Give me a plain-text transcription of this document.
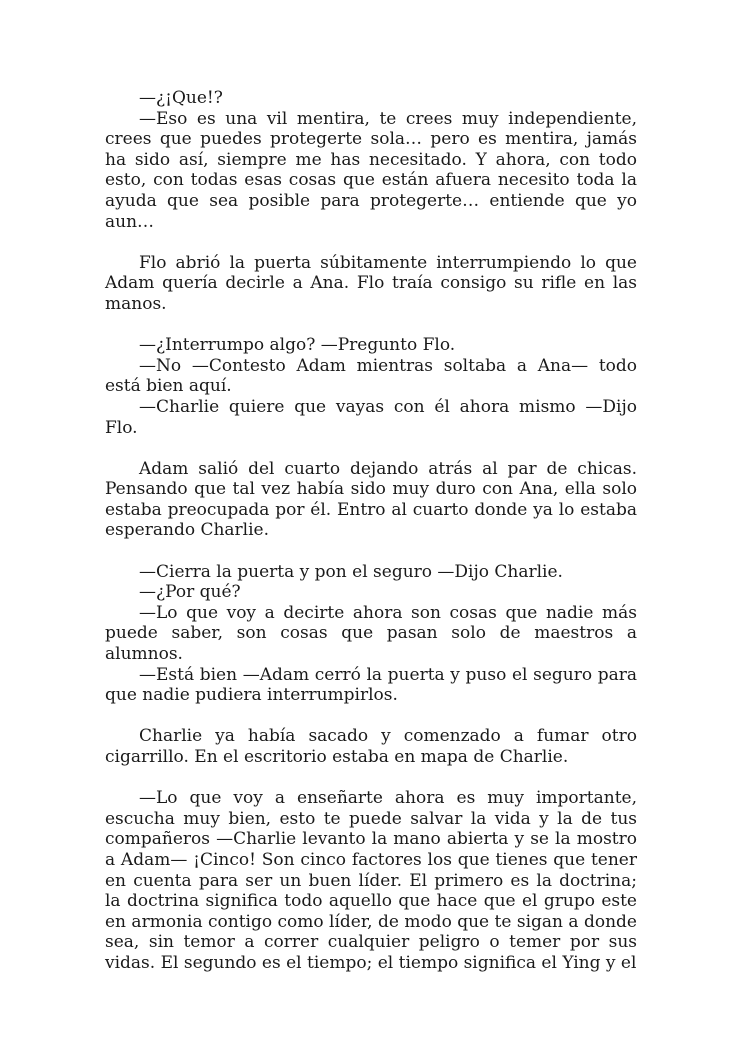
—¿¡Que!?

—Eso es una vil mentira, te crees muy independiente, crees que puedes protegerte sola… pero es mentira, jamás ha sido así, siempre me has necesitado. Y ahora, con todo esto, con todas esas cosas que están afuera necesito toda la ayuda que sea posible para protegerte… entiende que yo aun…

Flo abrió la puerta súbitamente interrumpiendo lo que Adam quería decirle a Ana. Flo traía consigo su rifle en las manos.

—¿Interrumpo algo? —Pregunto Flo.

—No —Contesto Adam mientras soltaba a Ana— todo está bien aquí.

—Charlie quiere que vayas con él ahora mismo —Dijo Flo.

Adam salió del cuarto dejando atrás al par de chicas. Pensando que tal vez había sido muy duro con Ana, ella solo estaba preocupada por él. Entro al cuarto donde ya lo estaba esperando Charlie.

—Cierra la puerta y pon el seguro —Dijo Charlie.

—¿Por qué?

—Lo que voy a decirte ahora son cosas que nadie más puede saber, son cosas que pasan solo de maestros a alumnos.

—Está bien —Adam cerró la puerta y puso el seguro para que nadie pudiera interrumpirlos.

Charlie ya había sacado y comenzado a fumar otro cigarrillo. En el escritorio estaba en mapa de Charlie.

—Lo que voy a enseñarte ahora es muy importante, escucha muy bien, esto te puede salvar la vida y la de tus compañeros —Charlie levanto la mano abierta y se la mostro a Adam— ¡Cinco! Son cinco factores los que tienes que tener en cuenta para ser un buen líder. El primero es la doctrina; la doctrina significa todo aquello que hace que el grupo este en armonia contigo como líder, de modo que te sigan a donde sea, sin temor a correr cualquier peligro o temer por sus vidas. El segundo es el tiempo; el tiempo significa el Ying y el
